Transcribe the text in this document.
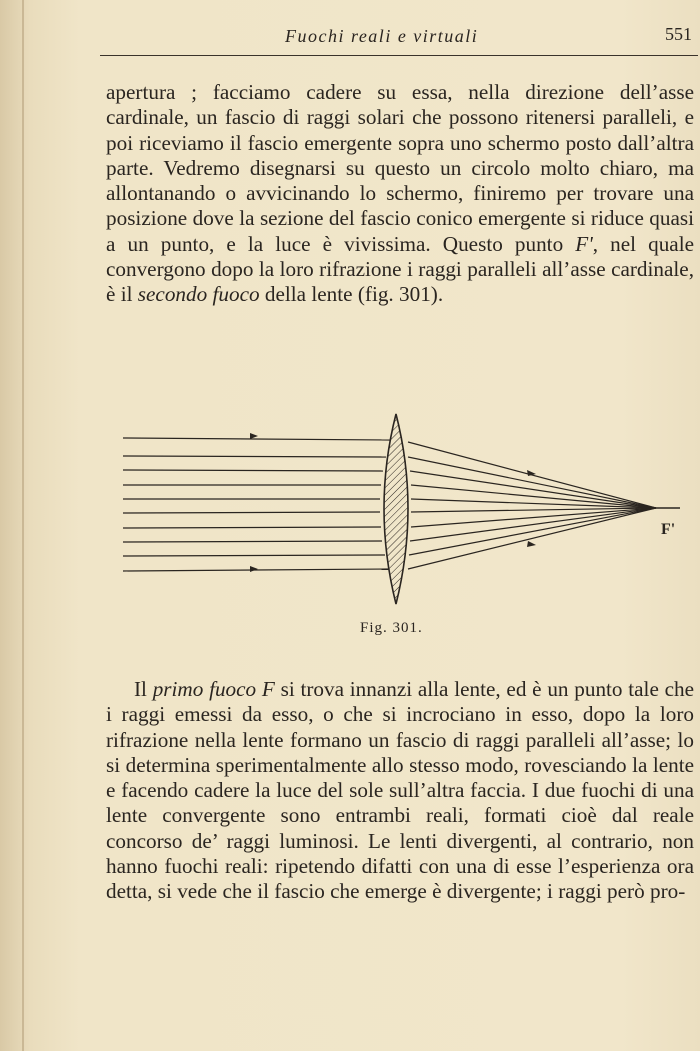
Fuochi reali e virtuali	551

apertura ; facciamo cadere su essa, nella direzione dell’asse cardinale, un fascio di raggi solari che possono ritenersi paralleli, e poi riceviamo il fascio emergente sopra uno schermo posto dall’altra parte. Vedremo disegnarsi su questo un circolo molto chiaro, ma allontanando o avvicinando lo schermo, finiremo per trovare una posizione dove la sezione del fascio conico emergente si riduce quasi a un punto, e la luce è vivissima. Questo punto F', nel quale convergono dopo la loro rifrazione i raggi paralleli all’asse cardinale, è il secondo fuoco della lente (fig. 301).

F'
Fig. 301.

Il primo fuoco F si trova innanzi alla lente, ed è un punto tale che i raggi emessi da esso, o che si incrociano in esso, dopo la loro rifrazione nella lente formano un fascio di raggi paralleli all’asse; lo si determina sperimentalmente allo stesso modo, rovesciando la lente e facendo cadere la luce del sole sull’altra faccia. I due fuochi di una lente convergente sono entrambi reali, formati cioè dal reale concorso de’ raggi luminosi. Le lenti divergenti, al contrario, non hanno fuochi reali: ripetendo difatti con una di esse l’esperienza ora detta, si vede che il fascio che emerge è divergente; i raggi però pro-
